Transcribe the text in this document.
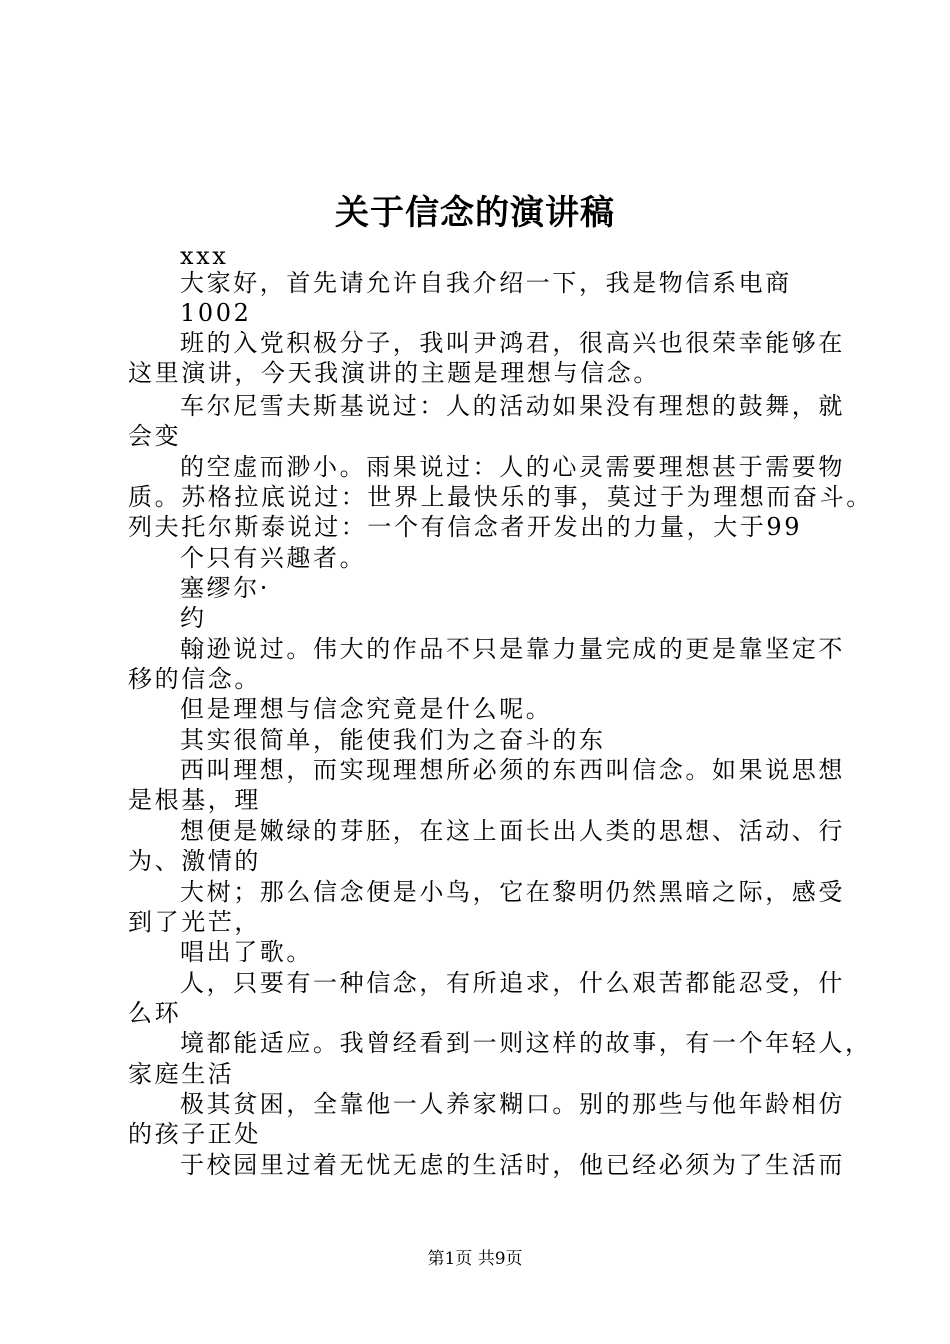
关于信念的演讲稿
xxx
大家好，首先请允许自我介绍一下，我是物信系电商
1002
班的入党积极分子，我叫尹鸿君，很高兴也很荣幸能够在
这里演讲，今天我演讲的主题是理想与信念。
车尔尼雪夫斯基说过：人的活动如果没有理想的鼓舞，就
会变
的空虚而渺小。雨果说过：人的心灵需要理想甚于需要物
质。苏格拉底说过：世界上最快乐的事，莫过于为理想而奋斗。
列夫托尔斯泰说过：一个有信念者开发出的力量，大于99
个只有兴趣者。
塞缪尔·
约
翰逊说过。伟大的作品不只是靠力量完成的更是靠坚定不
移的信念。
但是理想与信念究竟是什么呢。
其实很简单，能使我们为之奋斗的东
西叫理想，而实现理想所必须的东西叫信念。如果说思想
是根基，理
想便是嫩绿的芽胚，在这上面长出人类的思想、活动、行
为、激情的
大树；那么信念便是小鸟，它在黎明仍然黑暗之际，感受
到了光芒，
唱出了歌。
人，只要有一种信念，有所追求，什么艰苦都能忍受，什
么环
境都能适应。我曾经看到一则这样的故事，有一个年轻人，
家庭生活
极其贫困，全靠他一人养家糊口。别的那些与他年龄相仿
的孩子正处
于校园里过着无忧无虑的生活时，他已经必须为了生活而
第1页 共9页
